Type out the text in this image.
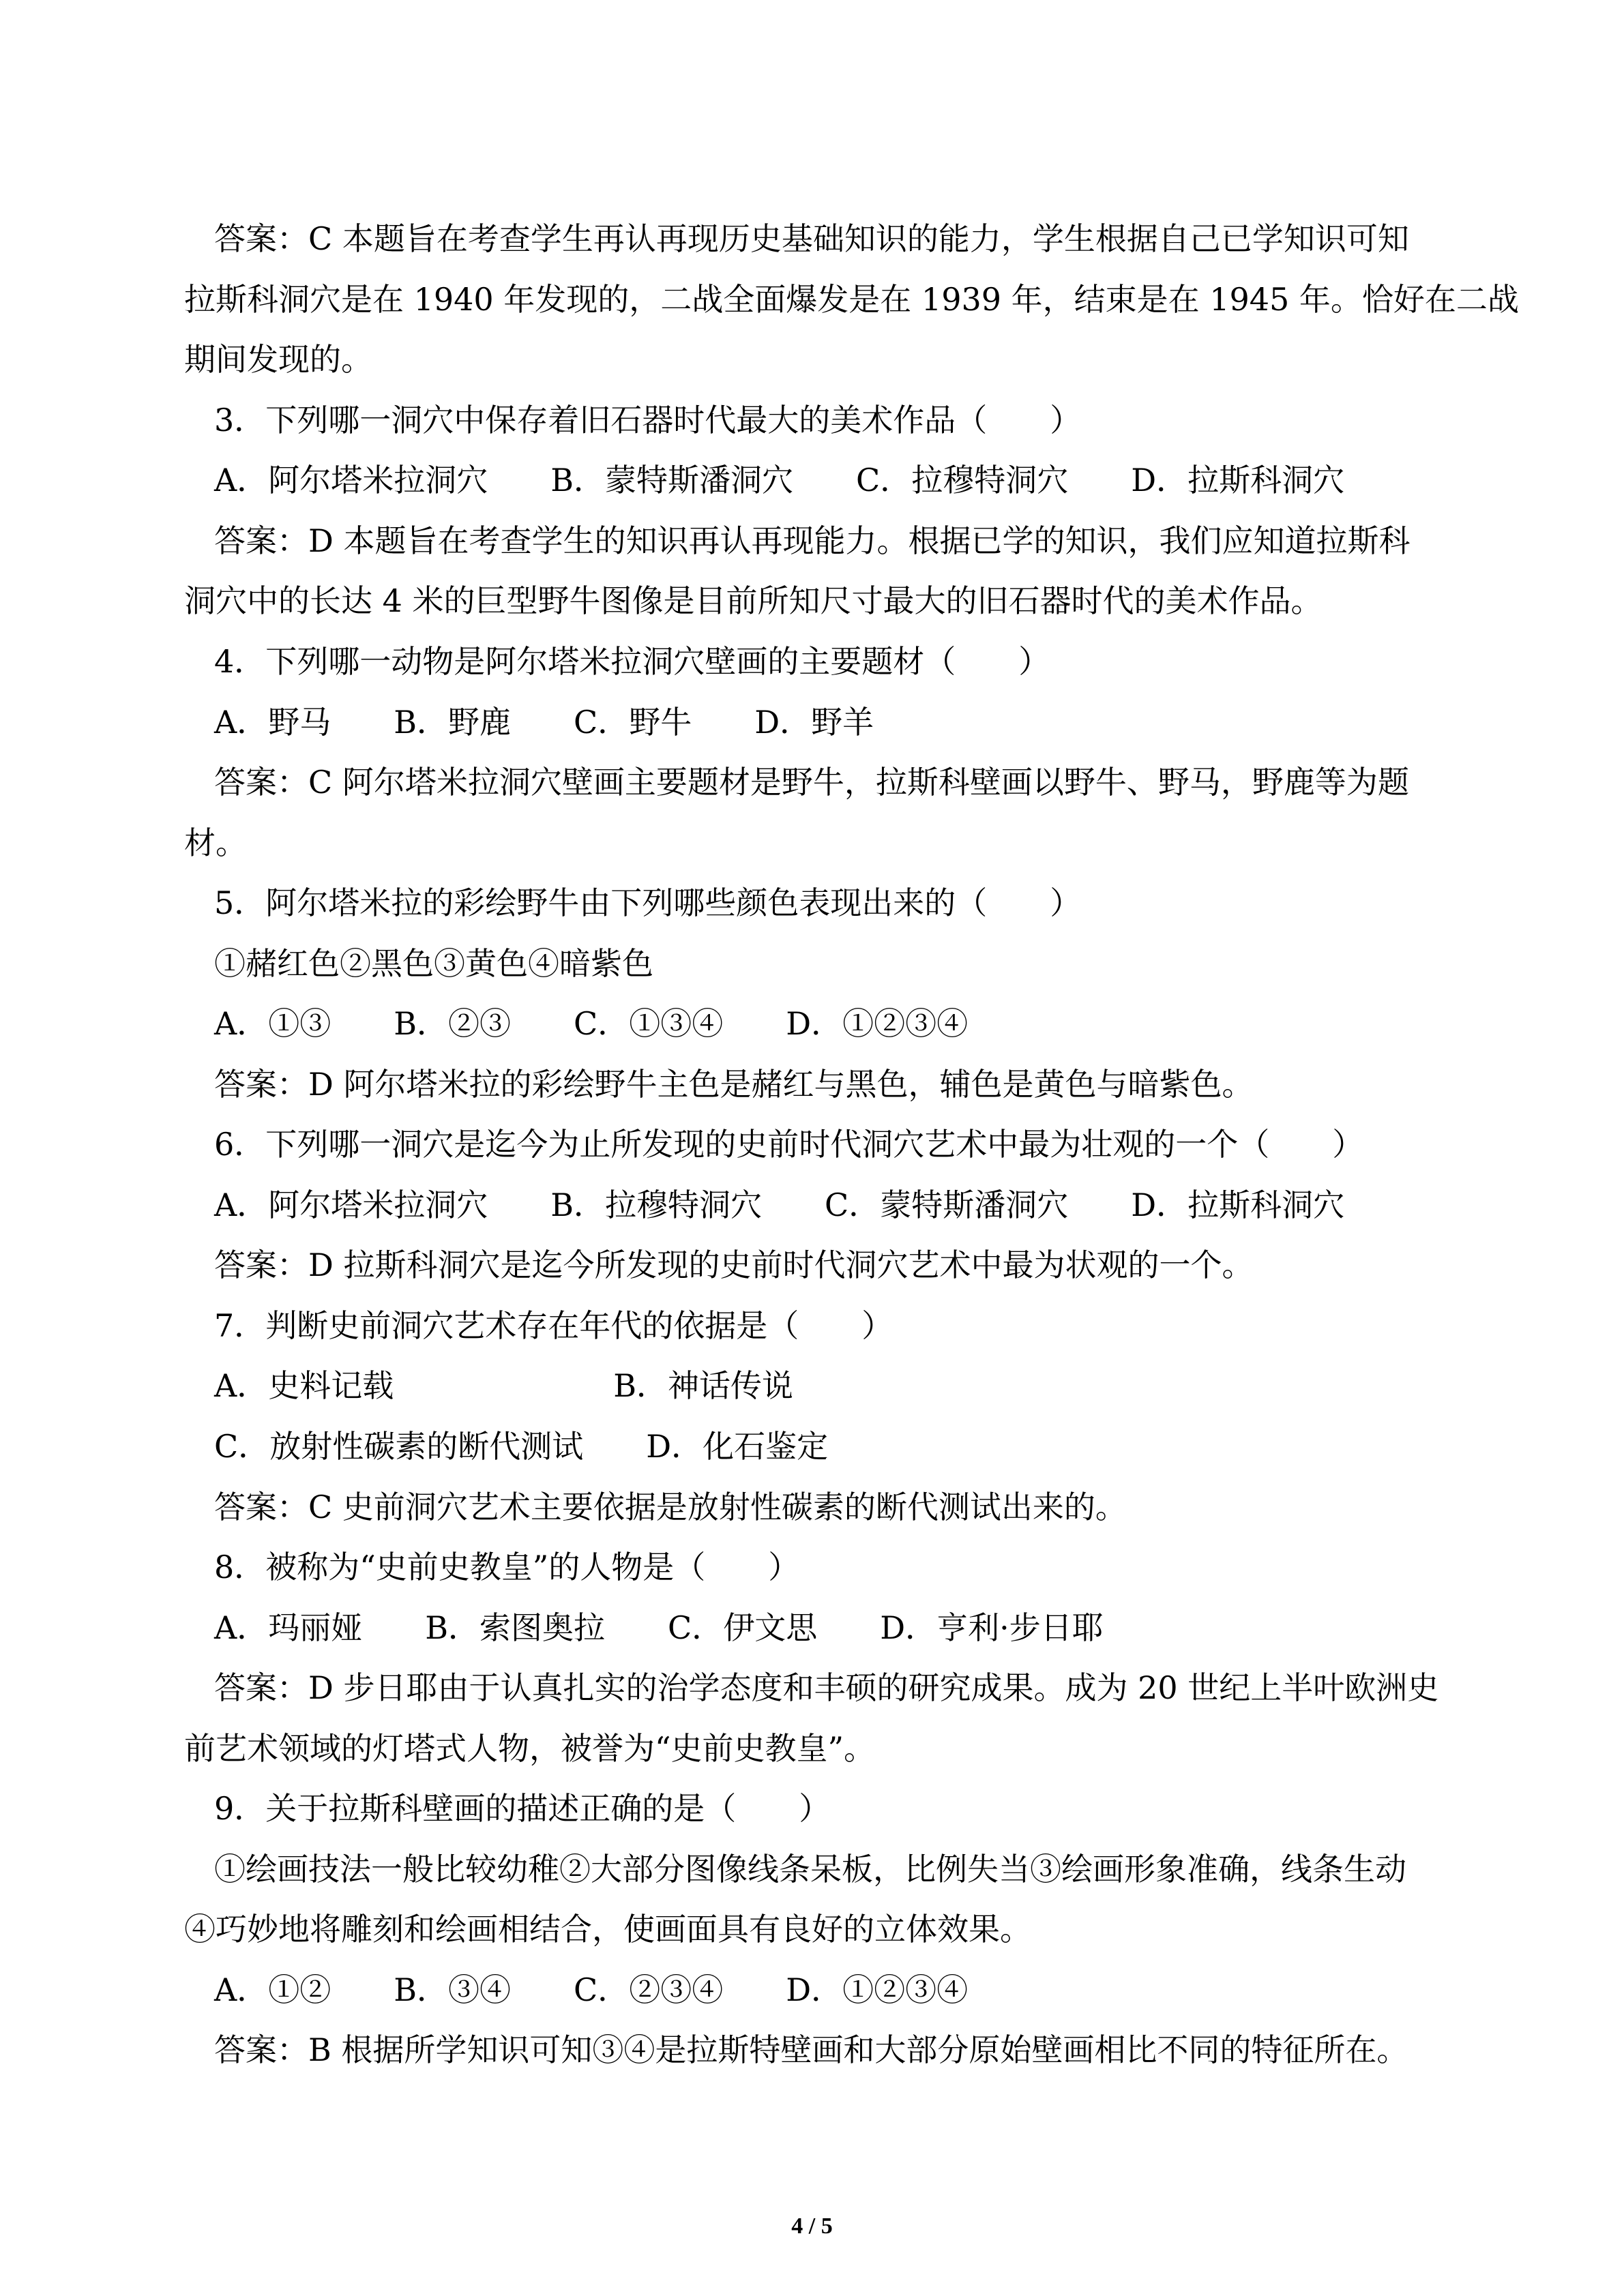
答案：C 本题旨在考查学生再认再现历史基础知识的能力，学生根据自己已学知识可知
拉斯科洞穴是在 1940 年发现的，二战全面爆发是在 1939 年，结束是在 1945 年。恰好在二战
期间发现的。
3．下列哪一洞穴中保存着旧石器时代最大的美术作品（　　）
A．阿尔塔米拉洞穴　　B．蒙特斯潘洞穴　　C．拉穆特洞穴　　D．拉斯科洞穴
答案：D 本题旨在考查学生的知识再认再现能力。根据已学的知识，我们应知道拉斯科
洞穴中的长达 4 米的巨型野牛图像是目前所知尺寸最大的旧石器时代的美术作品。
4．下列哪一动物是阿尔塔米拉洞穴壁画的主要题材（　　）
A．野马　　B．野鹿　　C．野牛　　D．野羊
答案：C 阿尔塔米拉洞穴壁画主要题材是野牛，拉斯科壁画以野牛、野马，野鹿等为题
材。
5．阿尔塔米拉的彩绘野牛由下列哪些颜色表现出来的（　　）
①赭红色②黑色③黄色④暗紫色
A．①③　　B．②③　　C．①③④　　D．①②③④
答案：D 阿尔塔米拉的彩绘野牛主色是赭红与黑色，辅色是黄色与暗紫色。
6．下列哪一洞穴是迄今为止所发现的史前时代洞穴艺术中最为壮观的一个（　　）
A．阿尔塔米拉洞穴　　B．拉穆特洞穴　　C．蒙特斯潘洞穴　　D．拉斯科洞穴
答案：D 拉斯科洞穴是迄今所发现的史前时代洞穴艺术中最为状观的一个。
7．判断史前洞穴艺术存在年代的依据是（　　）
A．史料记载　　　　　　　B．神话传说
C．放射性碳素的断代测试　　D．化石鉴定
答案：C 史前洞穴艺术主要依据是放射性碳素的断代测试出来的。
8．被称为“史前史教皇”的人物是（　　）
A．玛丽娅　　B．索图奥拉　　C．伊文思　　D．亨利·步日耶
答案：D 步日耶由于认真扎实的治学态度和丰硕的研究成果。成为 20 世纪上半叶欧洲史
前艺术领域的灯塔式人物，被誉为“史前史教皇”。
9．关于拉斯科壁画的描述正确的是（　　）
①绘画技法一般比较幼稚②大部分图像线条呆板，比例失当③绘画形象准确，线条生动
④巧妙地将雕刻和绘画相结合，使画面具有良好的立体效果。
A．①②　　B．③④　　C．②③④　　D．①②③④
答案：B 根据所学知识可知③④是拉斯特壁画和大部分原始壁画相比不同的特征所在。
4 / 5
